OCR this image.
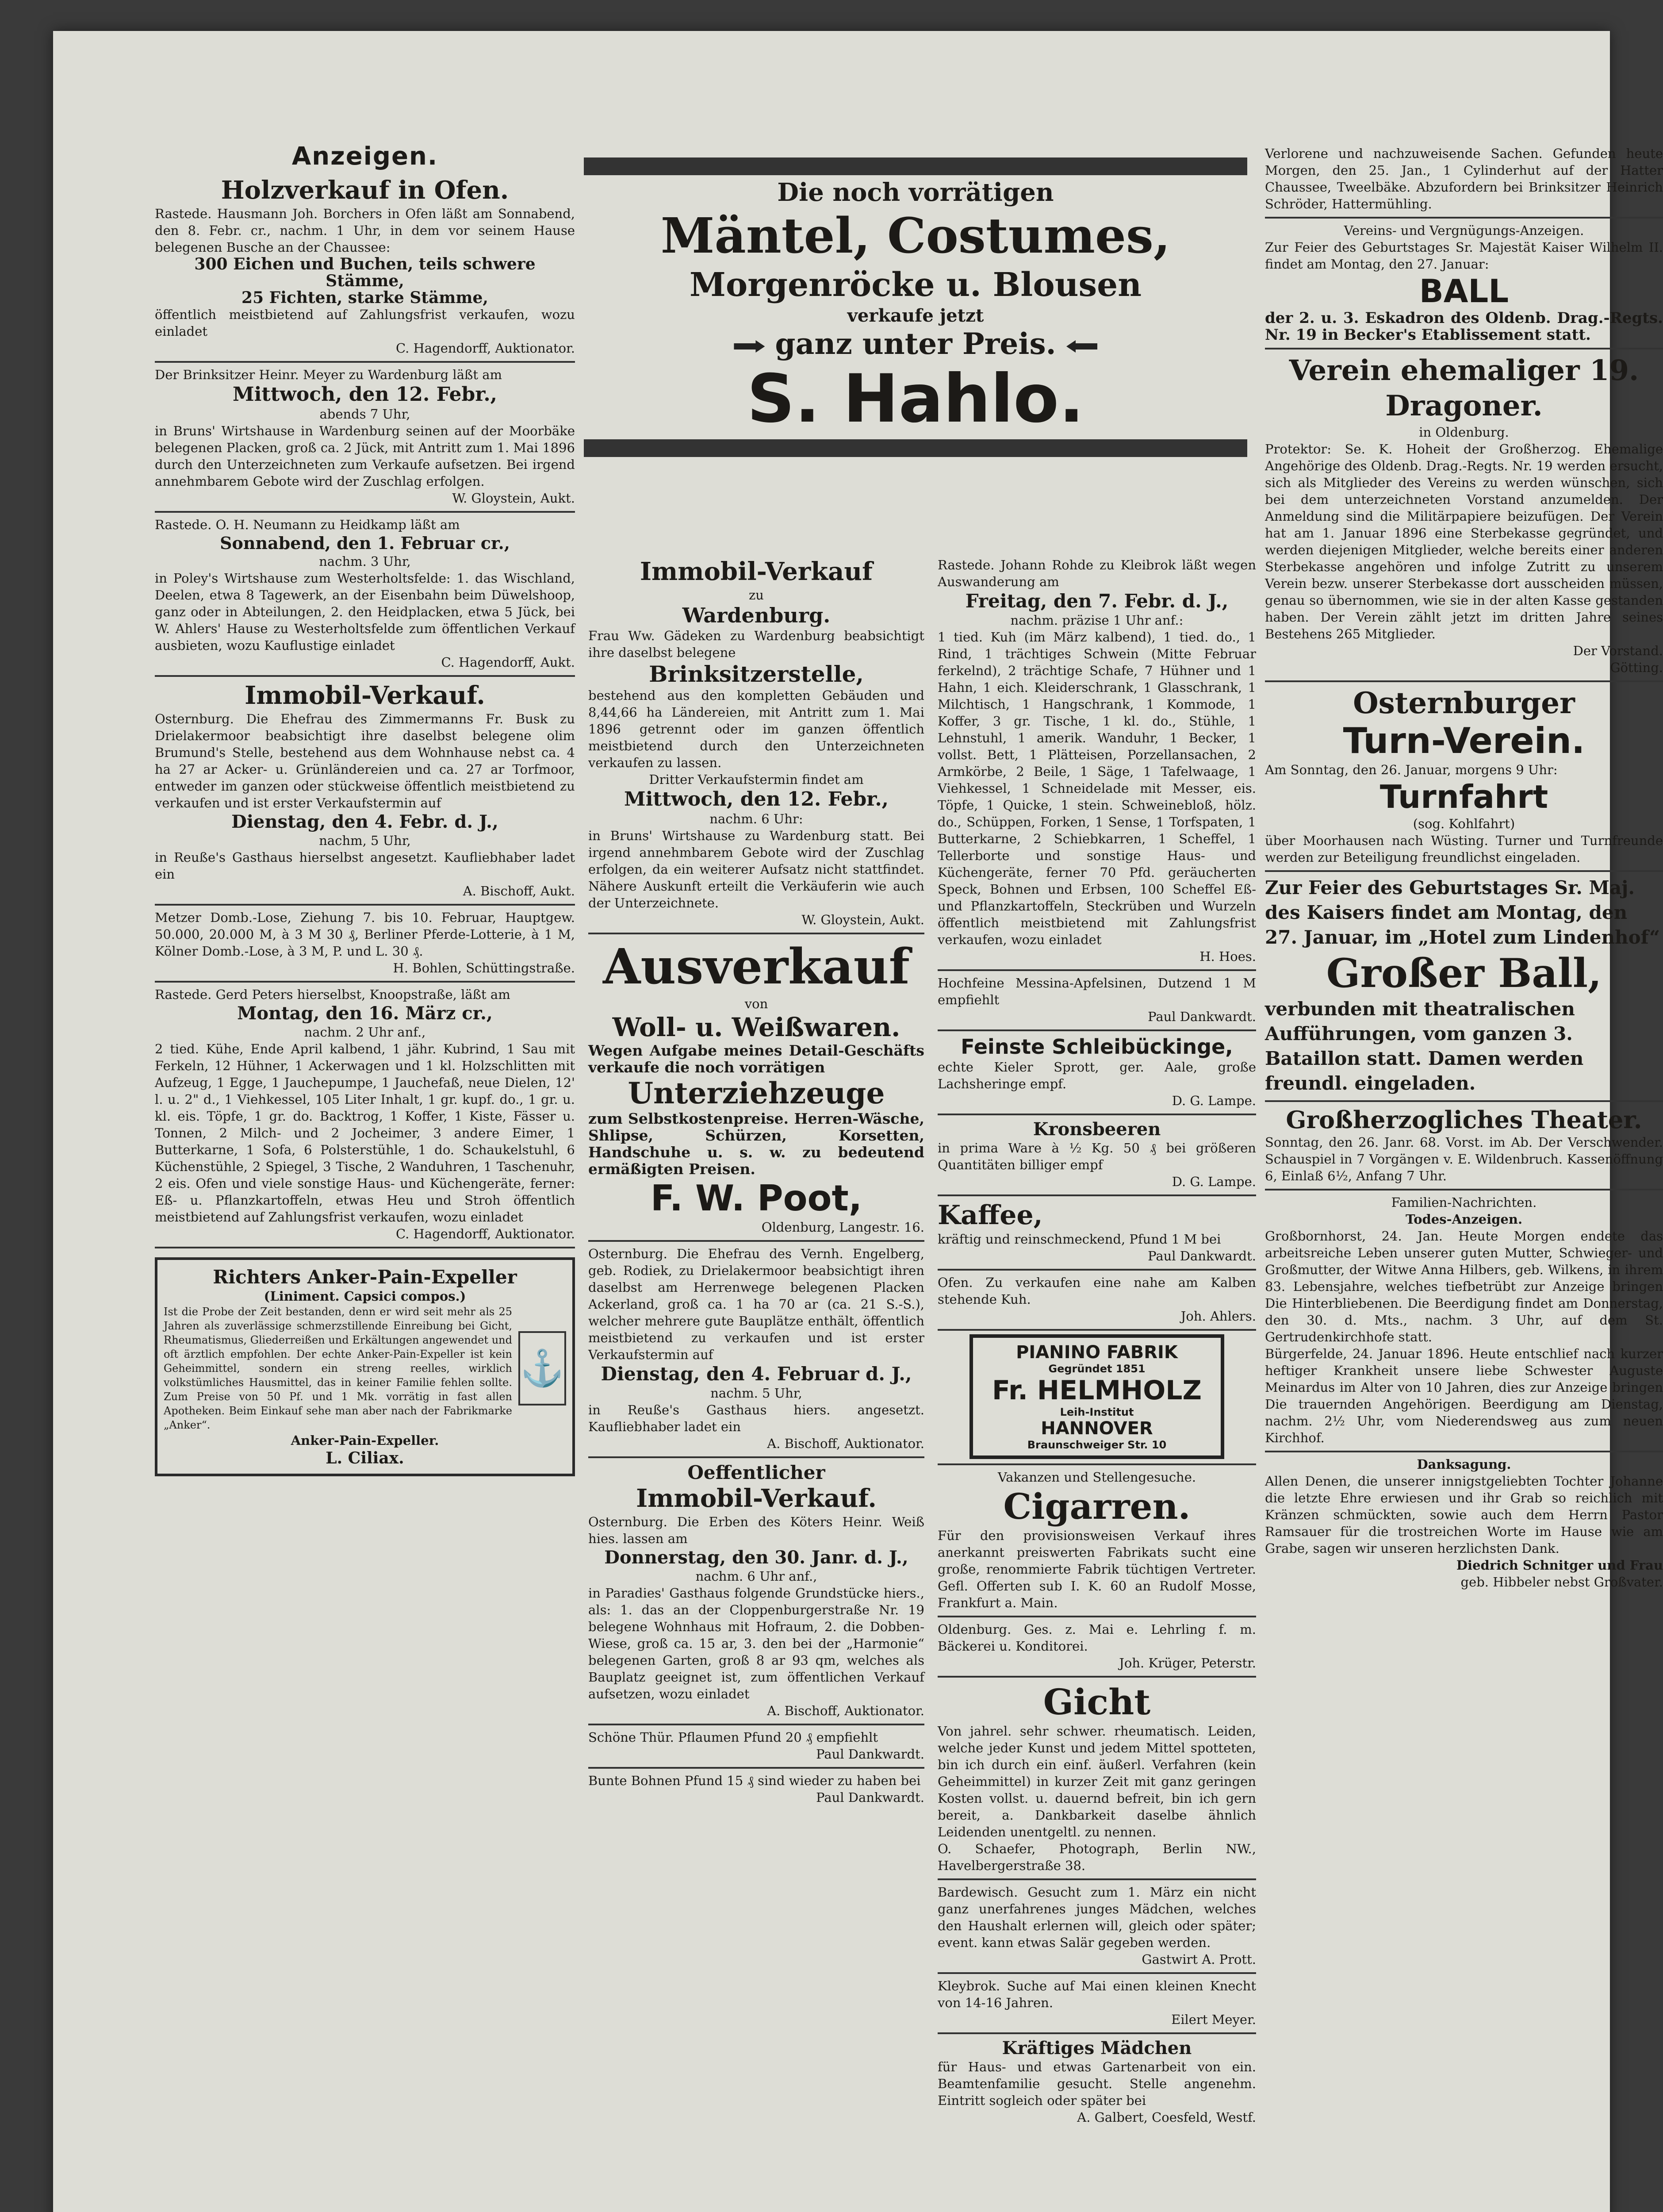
Anzeigen.

Holzverkauf in Ofen.

Rastede. Hausmann Joh. Borchers in Ofen läßt am Sonnabend, den 8. Febr. cr., nachm. 1 Uhr, in dem vor seinem Hause belegenen Busche an der Chaussee:

300 Eichen und Buchen, teils schwere Stämme,

25 Fichten, starke Stämme,

öffentlich meistbietend auf Zahlungsfrist verkaufen, wozu einladet

C. Hagendorff, Auktionator.

Der Brinksitzer Heinr. Meyer zu Wardenburg läßt am

Mittwoch, den 12. Febr.,

abends 7 Uhr,

in Bruns' Wirtshause in Wardenburg seinen auf der Moorbäke belegenen Placken, groß ca. 2 Jück, mit Antritt zum 1. Mai 1896 durch den Unterzeichneten zum Verkaufe aufsetzen. Bei irgend annehmbarem Gebote wird der Zuschlag erfolgen.

W. Gloystein, Aukt.

Rastede. O. H. Neumann zu Heidkamp läßt am

Sonnabend, den 1. Februar cr.,

nachm. 3 Uhr,

in Poley's Wirtshause zum Westerholtsfelde: 1. das Wischland, Deelen, etwa 8 Tagewerk, an der Eisenbahn beim Düwelshoop, ganz oder in Abteilungen, 2. den Heidplacken, etwa 5 Jück, bei W. Ahlers' Hause zu Westerholtsfelde zum öffentlichen Verkauf ausbieten, wozu Kauflustige einladet

C. Hagendorff, Aukt.

Immobil-Verkauf.

Osternburg. Die Ehefrau des Zimmermanns Fr. Busk zu Drielakermoor beabsichtigt ihre daselbst belegene olim Brumund's Stelle, bestehend aus dem Wohnhause nebst ca. 4 ha 27 ar Acker- u. Grünländereien und ca. 27 ar Torfmoor, entweder im ganzen oder stückweise öffentlich meistbietend zu verkaufen und ist erster Verkaufstermin auf

Dienstag, den 4. Febr. d. J.,

nachm, 5 Uhr,

in Reuße's Gasthaus hierselbst angesetzt. Kaufliebhaber ladet ein

A. Bischoff, Aukt.

Metzer Domb.-Lose, Ziehung 7. bis 10. Februar, Hauptgew. 50.000, 20.000 M, à 3 M 30 ₰, Berliner Pferde-Lotterie, à 1 M, Kölner Domb.-Lose, à 3 M, P. und L. 30 ₰.

H. Bohlen, Schüttingstraße.

Rastede. Gerd Peters hierselbst, Knoopstraße, läßt am

Montag, den 16. März cr.,

nachm. 2 Uhr anf.,

2 tied. Kühe, Ende April kalbend, 1 jähr. Kubrind, 1 Sau mit Ferkeln, 12 Hühner, 1 Ackerwagen und 1 kl. Holzschlitten mit Aufzeug, 1 Egge, 1 Jauchepumpe, 1 Jauchefaß, neue Dielen, 12' l. u. 2" d., 1 Viehkessel, 105 Liter Inhalt, 1 gr. kupf. do., 1 gr. u. kl. eis. Töpfe, 1 gr. do. Backtrog, 1 Koffer, 1 Kiste, Fässer u. Tonnen, 2 Milch- und 2 Jocheimer, 3 andere Eimer, 1 Butterkarne, 1 Sofa, 6 Polsterstühle, 1 do. Schaukelstuhl, 6 Küchenstühle, 2 Spiegel, 3 Tische, 2 Wanduhren, 1 Taschenuhr, 2 eis. Ofen und viele sonstige Haus- und Küchengeräte, ferner: Eß- u. Pflanzkartoffeln, etwas Heu und Stroh öffentlich meistbietend auf Zahlungsfrist verkaufen, wozu einladet

C. Hagendorff, Auktionator.

Richters Anker-Pain-Expeller

(Liniment. Capsici compos.)

Ist die Probe der Zeit bestanden, denn er wird seit mehr als 25 Jahren als zuverlässige schmerzstillende Einreibung bei Gicht, Rheumatismus, Gliederreißen und Erkältungen angewendet und oft ärztlich empfohlen. Der echte Anker-Pain-Expeller ist kein Geheimmittel, sondern ein streng reelles, wirklich volkstümliches Hausmittel, das in keiner Familie fehlen sollte. Zum Preise von 50 Pf. und 1 Mk. vorrätig in fast allen Apotheken. Beim Einkauf sehe man aber nach der Fabrikmarke „Anker“.

⚓

Anker-Pain-Expeller.

L. Ciliax.

Die noch vorrätigen

Mäntel, Costumes,

Morgenröcke u. Blousen

verkaufe jetzt

ganz unter Preis.

S. Hahlo.

Immobil-Verkauf

zu

Wardenburg.

Frau Ww. Gädeken zu Wardenburg beabsichtigt ihre daselbst belegene

Brinksitzerstelle,

bestehend aus den kompletten Gebäuden und 8,44,66 ha Ländereien, mit Antritt zum 1. Mai 1896 getrennt oder im ganzen öffentlich meistbietend durch den Unterzeichneten verkaufen zu lassen.

Dritter Verkaufstermin findet am

Mittwoch, den 12. Febr.,

nachm. 6 Uhr:

in Bruns' Wirtshause zu Wardenburg statt. Bei irgend annehmbarem Gebote wird der Zuschlag erfolgen, da ein weiterer Aufsatz nicht stattfindet. Nähere Auskunft erteilt die Verkäuferin wie auch der Unterzeichnete.

W. Gloystein, Aukt.

Ausverkauf

von

Woll- u. Weißwaren.

Wegen Aufgabe meines Detail-Geschäfts verkaufe die noch vorrätigen

Unterziehzeuge

zum Selbstkostenpreise. Herren-Wäsche, Shlipse, Schürzen, Korsetten, Handschuhe u. s. w. zu bedeutend ermäßigten Preisen.

F. W. Poot,

Oldenburg, Langestr. 16.

Osternburg. Die Ehefrau des Vernh. Engelberg, geb. Rodiek, zu Drielakermoor beabsichtigt ihren daselbst am Herrenwege belegenen Placken Ackerland, groß ca. 1 ha 70 ar (ca. 21 S.-S.), welcher mehrere gute Bauplätze enthält, öffentlich meistbietend zu verkaufen und ist erster Verkaufstermin auf

Dienstag, den 4. Februar d. J.,

nachm. 5 Uhr,

in Reuße's Gasthaus hiers. angesetzt. Kaufliebhaber ladet ein

A. Bischoff, Auktionator.

Oeffentlicher

Immobil-Verkauf.

Osternburg. Die Erben des Köters Heinr. Weiß hies. lassen am

Donnerstag, den 30. Janr. d. J.,

nachm. 6 Uhr anf.,

in Paradies' Gasthaus folgende Grundstücke hiers., als: 1. das an der Cloppenburgerstraße Nr. 19 belegene Wohnhaus mit Hofraum, 2. die Dobben-Wiese, groß ca. 15 ar, 3. den bei der „Harmonie“ belegenen Garten, groß 8 ar 93 qm, welches als Bauplatz geeignet ist, zum öffentlichen Verkauf aufsetzen, wozu einladet

A. Bischoff, Auktionator.

Schöne Thür. Pflaumen Pfund 20 ₰ empfiehlt

Paul Dankwardt.

Bunte Bohnen Pfund 15 ₰ sind wieder zu haben bei

Paul Dankwardt.

Rastede. Johann Rohde zu Kleibrok läßt wegen Auswanderung am

Freitag, den 7. Febr. d. J.,

nachm. präzise 1 Uhr anf.:

1 tied. Kuh (im März kalbend), 1 tied. do., 1 Rind, 1 trächtiges Schwein (Mitte Februar ferkelnd), 2 trächtige Schafe, 7 Hühner und 1 Hahn, 1 eich. Kleiderschrank, 1 Glasschrank, 1 Milchtisch, 1 Hangschrank, 1 Kommode, 1 Koffer, 3 gr. Tische, 1 kl. do., Stühle, 1 Lehnstuhl, 1 amerik. Wanduhr, 1 Becker, 1 vollst. Bett, 1 Plätteisen, Porzellansachen, 2 Armkörbe, 2 Beile, 1 Säge, 1 Tafelwaage, 1 Viehkessel, 1 Schneidelade mit Messer, eis. Töpfe, 1 Quicke, 1 stein. Schweinebloß, hölz. do., Schüppen, Forken, 1 Sense, 1 Torfspaten, 1 Butterkarne, 2 Schiebkarren, 1 Scheffel, 1 Tellerborte und sonstige Haus- und Küchengeräte, ferner 70 Pfd. geräucherten Speck, Bohnen und Erbsen, 100 Scheffel Eß- und Pflanzkartoffeln, Steckrüben und Wurzeln öffentlich meistbietend mit Zahlungsfrist verkaufen, wozu einladet

H. Hoes.

Hochfeine Messina-Apfelsinen, Dutzend 1 M empfiehlt

Paul Dankwardt.

Feinste Schleibückinge,

echte Kieler Sprott, ger. Aale, große Lachsheringe empf.

D. G. Lampe.

Kronsbeeren

in prima Ware à ½ Kg. 50 ₰ bei größeren Quantitäten billiger empf

D. G. Lampe.

Kaffee,

kräftig und reinschmeckend, Pfund 1 M bei

Paul Dankwardt.

Ofen. Zu verkaufen eine nahe am Kalben stehende Kuh.

Joh. Ahlers.

PIANINO FABRIK

Gegründet 1851

Fr. HELMHOLZ

Leih-Institut

HANNOVER

Braunschweiger Str. 10

Vakanzen und Stellengesuche.

Cigarren.

Für den provisionsweisen Verkauf ihres anerkannt preiswerten Fabrikats sucht eine große, renommierte Fabrik tüchtigen Vertreter. Gefl. Offerten sub I. K. 60 an Rudolf Mosse, Frankfurt a. Main.

Oldenburg. Ges. z. Mai e. Lehrling f. m. Bäckerei u. Konditorei.

Joh. Krüger, Peterstr.

Gicht

Von jahrel. sehr schwer. rheumatisch. Leiden, welche jeder Kunst und jedem Mittel spotteten, bin ich durch ein einf. äußerl. Verfahren (kein Geheimmittel) in kurzer Zeit mit ganz geringen Kosten vollst. u. dauernd befreit, bin ich gern bereit, a. Dankbarkeit daselbe ähnlich Leidenden unentgeltl. zu nennen.

O. Schaefer, Photograph, Berlin NW., Havelbergerstraße 38.

Bardewisch. Gesucht zum 1. März ein nicht ganz unerfahrenes junges Mädchen, welches den Haushalt erlernen will, gleich oder später; event. kann etwas Salär gegeben werden.

Gastwirt A. Prott.

Kleybrok. Suche auf Mai einen kleinen Knecht von 14-16 Jahren.

Eilert Meyer.

Kräftiges Mädchen

für Haus- und etwas Gartenarbeit von ein. Beamtenfamilie gesucht. Stelle angenehm. Eintritt sogleich oder später bei

A. Galbert, Coesfeld, Westf.

Verlorene und nachzuweisende Sachen. Gefunden heute Morgen, den 25. Jan., 1 Cylinderhut auf der Hatter Chaussee, Tweelbäke. Abzufordern bei Brinksitzer Heinrich Schröder, Hattermühling.

Vereins- und Vergnügungs-Anzeigen.

Zur Feier des Geburtstages Sr. Majestät Kaiser Wilhelm II. findet am Montag, den 27. Januar:

BALL

der 2. u. 3. Eskadron des Oldenb. Drag.-Regts. Nr. 19 in Becker's Etablissement statt.

Verein ehemaliger 19. Dragoner.

in Oldenburg.

Protektor: Se. K. Hoheit der Großherzog. Ehemalige Angehörige des Oldenb. Drag.-Regts. Nr. 19 werden ersucht, sich als Mitglieder des Vereins zu werden wünschen, sich bei dem unterzeichneten Vorstand anzumelden. Der Anmeldung sind die Militärpapiere beizufügen. Der Verein hat am 1. Januar 1896 eine Sterbekasse gegründet, und werden diejenigen Mitglieder, welche bereits einer anderen Sterbekasse angehören und infolge Zutritt zu unserem Verein bezw. unserer Sterbekasse dort ausscheiden müssen, genau so übernommen, wie sie in der alten Kasse gestanden haben. Der Verein zählt jetzt im dritten Jahre seines Bestehens 265 Mitglieder.

Der Vorstand.

Götting.

Osternburger

Turn-Verein.

Am Sonntag, den 26. Januar, morgens 9 Uhr:

Turnfahrt

(sog. Kohlfahrt)

über Moorhausen nach Wüsting. Turner und Turnfreunde werden zur Beteiligung freundlichst eingeladen.

Zur Feier des Geburtstages Sr. Maj. des Kaisers findet am Montag, den 27. Januar, im „Hotel zum Lindenhof“

Großer Ball,

verbunden mit theatralischen Aufführungen, vom ganzen 3. Bataillon statt. Damen werden freundl. eingeladen.

Großherzogliches Theater.

Sonntag, den 26. Janr. 68. Vorst. im Ab. Der Verschwender. Schauspiel in 7 Vorgängen v. E. Wildenbruch. Kassenöffnung 6, Einlaß 6½, Anfang 7 Uhr.

Familien-Nachrichten.

Todes-Anzeigen.

Großbornhorst, 24. Jan. Heute Morgen endete das arbeitsreiche Leben unserer guten Mutter, Schwieger- und Großmutter, der Witwe Anna Hilbers, geb. Wilkens, in ihrem 83. Lebensjahre, welches tiefbetrübt zur Anzeige bringen Die Hinterbliebenen. Die Beerdigung findet am Donnerstag, den 30. d. Mts., nachm. 3 Uhr, auf dem St. Gertrudenkirchhofe statt.

Bürgerfelde, 24. Januar 1896. Heute entschlief nach kurzer heftiger Krankheit unsere liebe Schwester Auguste Meinardus im Alter von 10 Jahren, dies zur Anzeige bringen Die trauernden Angehörigen. Beerdigung am Dienstag, nachm. 2½ Uhr, vom Niederendsweg aus zum neuen Kirchhof.

Danksagung.

Allen Denen, die unserer innigstgeliebten Tochter Johanne die letzte Ehre erwiesen und ihr Grab so reichlich mit Kränzen schmückten, sowie auch dem Herrn Pastor Ramsauer für die trostreichen Worte im Hause wie am Grabe, sagen wir unseren herzlichsten Dank.

Diedrich Schnitger und Frau

geb. Hibbeler nebst Großvater.
